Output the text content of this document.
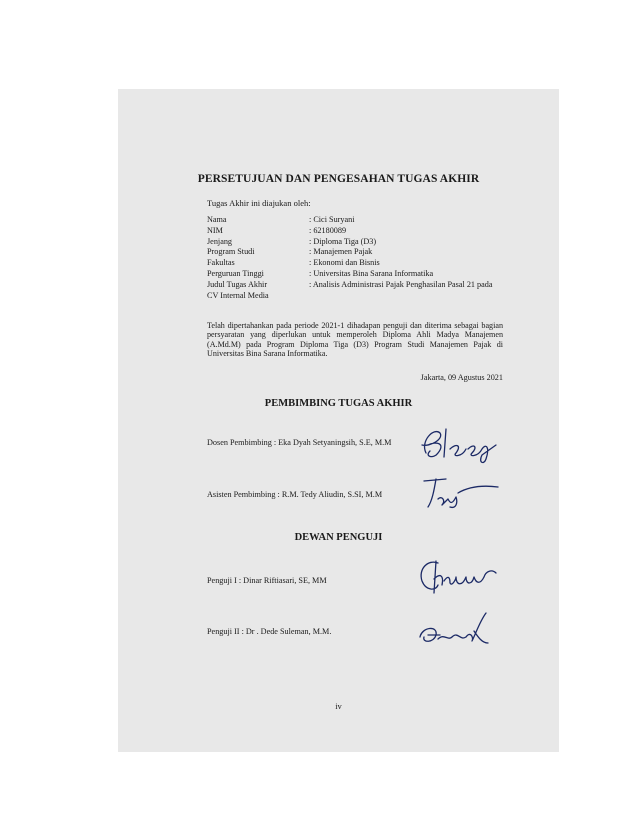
PERSETUJUAN DAN PENGESAHAN TUGAS AKHIR
Tugas Akhir ini diajukan oleh:
Nama	: Cici Suryani
NIM	: 62180089
Jenjang	: Diploma Tiga (D3)
Program Studi	: Manajemen Pajak
Fakultas	: Ekonomi dan Bisnis
Perguruan Tinggi	: Universitas Bina Sarana Informatika
Judul Tugas Akhir	: Analisis Administrasi Pajak Penghasilan Pasal 21 pada
CV Internal Media
Telah dipertahankan pada periode 2021-1 dihadapan penguji dan diterima sebagai bagian persyaratan yang diperlukan untuk memperoleh Diploma Ahli Madya Manajemen (A.Md.M) pada Program Diploma Tiga (D3) Program Studi Manajemen Pajak di Universitas Bina Sarana Informatika.
Jakarta, 09 Agustus 2021
PEMBIMBING TUGAS AKHIR
Dosen Pembimbing : Eka Dyah Setyaningsih, S.E, M.M
Asisten Pembimbing : R.M. Tedy Aliudin, S.SI, M.M
DEWAN PENGUJI
Penguji I : Dinar Riftiasari, SE, MM
Penguji II : Dr . Dede Suleman, M.M.
iv
